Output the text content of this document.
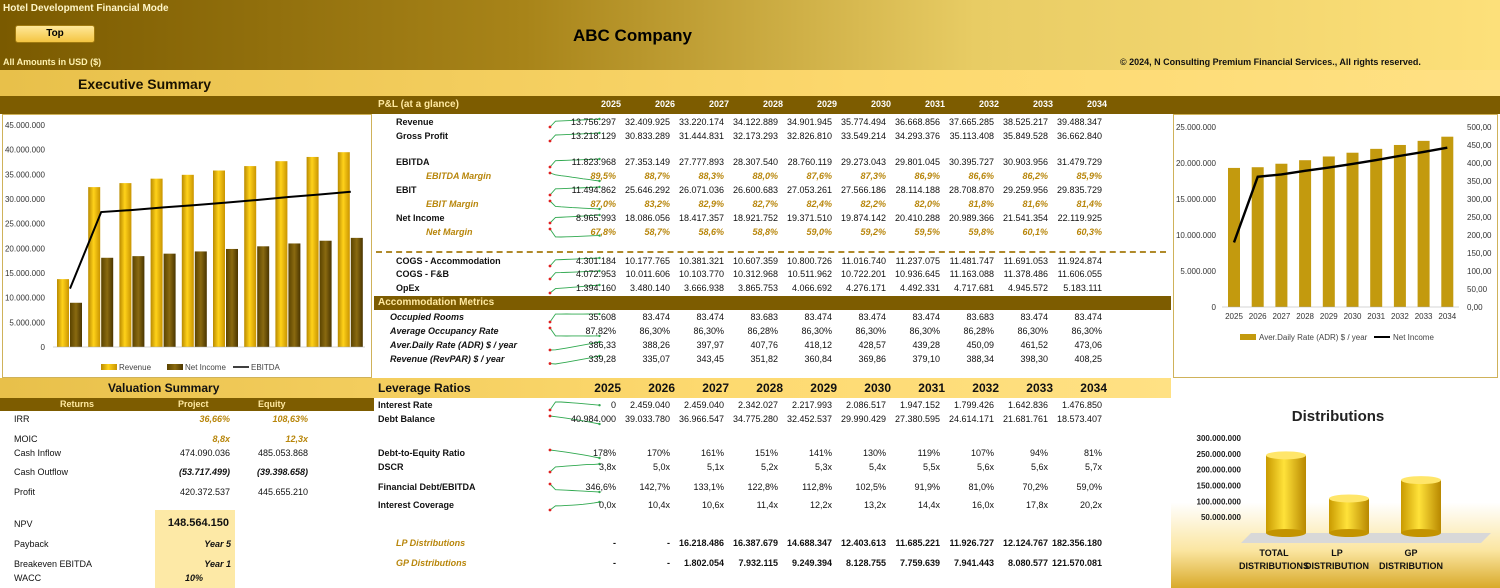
Hotel Development Financial Mode
Top	ABC Company
All Amounts in USD ($)	© 2024, N Consulting Premium Financial Services., All rights reserved.
Executive Summary
P&L (at a glance)	2025	2026	2027	2028	2029	2030	2031	2032	2033	2034
0
5.000.000
10.000.000
15.000.000
20.000.000
25.000.000
30.000.000
35.000.000
40.000.000
45.000.000
Revenue	Net Income	EBITDA
0
5.000.000
10.000.000
15.000.000
20.000.000
25.000.000
0,00
50,00
100,00
150,00
200,00
250,00
300,00
350,00
400,00
450,00
500,00
2025 2026 2027 2028 2029 2030 2031 2032 2033 2034
Aver.Daily Rate (ADR) $ / year	Net Income
Revenue	13.756.297 32.409.925 33.220.174 34.122.889 34.901.945 35.774.494 36.668.856 37.665.285 38.525.217 39.488.347
Gross Profit	13.218.129 30.833.289 31.444.831 32.173.293 32.826.810 33.549.214 34.293.376	35.113.408 35.849.528 36.662.840
EBITDA	11.823.968 27.353.149 27.777.893 28.307.540	28.760.119 29.273.043 29.801.045 30.395.727 30.903.956 31.479.729
EBITDA Margin	89,5%	88,7%	88,3%	88,0%	87,6%	87,3%	86,9%	86,6%	86,2%	85,9%
EBIT	11.494.862 25.646.292 26.071.036 26.600.683 27.053.261 27.566.186	28.114.188 28.708.870 29.259.956 29.835.729
EBIT Margin	87,0%	83,2%	82,9%	82,7%	82,4%	82,2%	82,0%	81,8%	81,6%	81,4%
Net Income	8.965.993 18.086.056 18.417.357 18.921.752 19.371.510 19.874.142 20.410.288 20.989.366 21.541.354	22.119.925
Net Margin	67,8%	58,7%	58,6%	58,8%	59,0%	59,2%	59,5%	59,8%	60,1%	60,3%
COGS - Accommodation	4.301.184 10.177.765 10.381.321 10.607.359 10.800.726	11.016.740	11.237.075	11.481.747	11.691.053	11.924.874
COGS - F&B	4.072.953	10.011.606 10.103.770 10.312.968	10.511.962 10.722.201 10.936.645	11.163.088	11.378.486	11.606.055
OpEx	1.394.160	3.480.140	3.666.938	3.865.753	4.066.692	4.276.171	4.492.331	4.717.681	4.945.572	5.183.111
Accommodation Metrics
Occupied Rooms	35.608	83.474	83.474	83.683	83.474	83.474	83.474	83.683	83.474	83.474
Average Occupancy Rate	87,82%	86,30%	86,30%	86,28%	86,30%	86,30%	86,30%	86,28%	86,30%	86,30%
Aver.Daily Rate (ADR) $ / year	386,33	388,26	397,97	407,76	418,12	428,57	439,28	450,09	461,52	473,06
Revenue (RevPAR) $ / year	339,28	335,07	343,45	351,82	360,84	369,86	379,10	388,34	398,30	408,25
Valuation Summary	Leverage Ratios	2025	2026	2027	2028	2029	2030	2031	2032	2033	2034
Returns	Project	Equity
NPV	148.564.150
Payback	Year 5
Breakeven EBITDA	Year 1
WACC	10%
IRR	36,66%	108,63%
MOIC	8,8x	12,3x
Cash Inflow	474.090.036	485.053.868
Cash Outflow	(53.717.499)	(39.398.658)
Profit	420.372.537	445.655.210
Interest Rate	0	2.459.040	2.459.040	2.342.027	2.217.993	2.086.517	1.947.152	1.799.426	1.642.836	1.476.850
Debt Balance	40.984.000 39.033.780 36.966.547 34.775.280 32.452.537 29.990.429 27.380.595 24.614.171 21.681.761 18.573.407
Debt-to-Equity Ratio	178%	170%	161%	151%	141%	130%	119%	107%	94%	81%
DSCR	3,8x	5,0x	5,1x	5,2x	5,3x	5,4x	5,5x	5,6x	5,6x	5,7x
Financial Debt/EBITDA	346,6%	142,7%	133,1%	122,8%	112,8%	102,5%	91,9%	81,0%	70,2%	59,0%
Interest Coverage	0,0x	10,4x	10,6x	11,4x	12,2x	13,2x	14,4x	16,0x	17,8x	20,2x
LP Distributions	-	- 16.218.486 16.387.679 14.688.347 12.403.613	11.685.221	11.926.727 12.124.767 182.356.180
GP Distributions	-	-	1.802.054	7.932.115	9.249.394	8.128.755	7.759.639	7.941.443	8.080.577 121.570.081
Distributions
50.000.000
100.000.000
150.000.000
200.000.000
250.000.000
300.000.000
TOTAL
DISTRIBUTIONS
LP
DISTRIBUTION
GP
DISTRIBUTION
